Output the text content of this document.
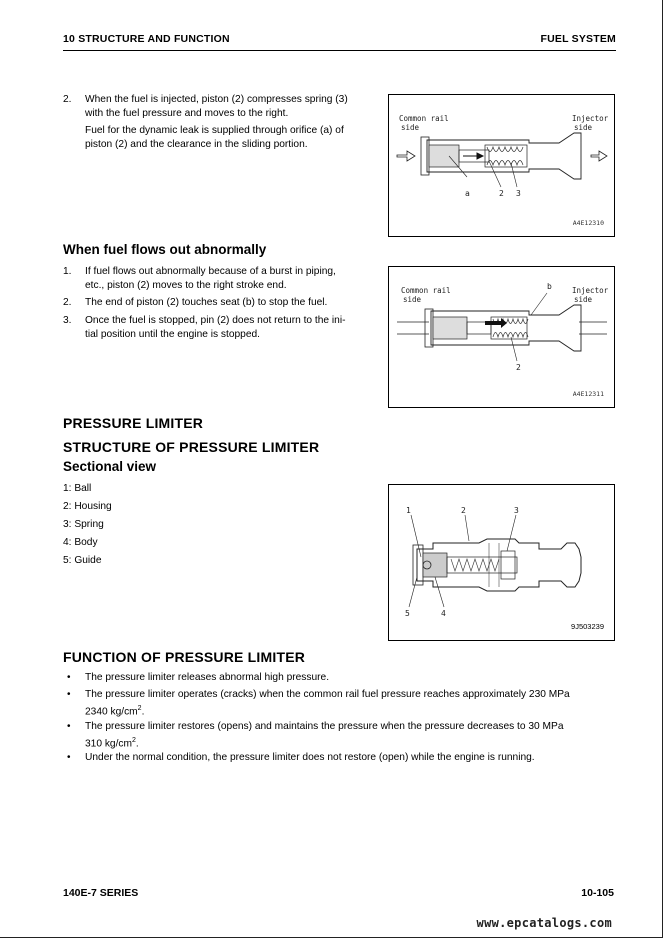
10 STRUCTURE AND FUNCTION	FUEL SYSTEM
2. When the fuel is injected, piston (2) compresses spring (3)
with the fuel pressure and moves to the right.
Fuel for the dynamic leak is supplied through orifice (a) of
piston (2) and the clearance in the sliding portion.
Common rail
side
Injector
side
a	2 3
A4E12310
When fuel flows out abnormally
1. If fuel flows out abnormally because of a burst in piping,
etc., piston (2) moves to the right stroke end.
2. The end of piston (2) touches seat (b) to stop the fuel.
3. Once the fuel is stopped, pin (2) does not return to the ini-
tial position until the engine is stopped.
Common rail
side
Injector
side
b
2
A4E12311
PRESSURE LIMITER
STRUCTURE OF PRESSURE LIMITER
Sectional view
1: Ball
2: Housing
3: Spring
4: Body
5: Guide
1	2	3
4
5
9J503239
FUNCTION OF PRESSURE LIMITER
• The pressure limiter releases abnormal high pressure.
• The pressure limiter operates (cracks) when the common rail fuel pressure reaches approximately 230 MPa
2340 $kg/cm^2$.
• The pressure limiter restores (opens) and maintains the pressure when the pressure decreases to 30 MPa
310 $kg/cm^2$.
• Under the normal condition, the pressure limiter does not restore (open) while the engine is running.
140E-7 SERIES	10-105
www.epcatalogs.com
